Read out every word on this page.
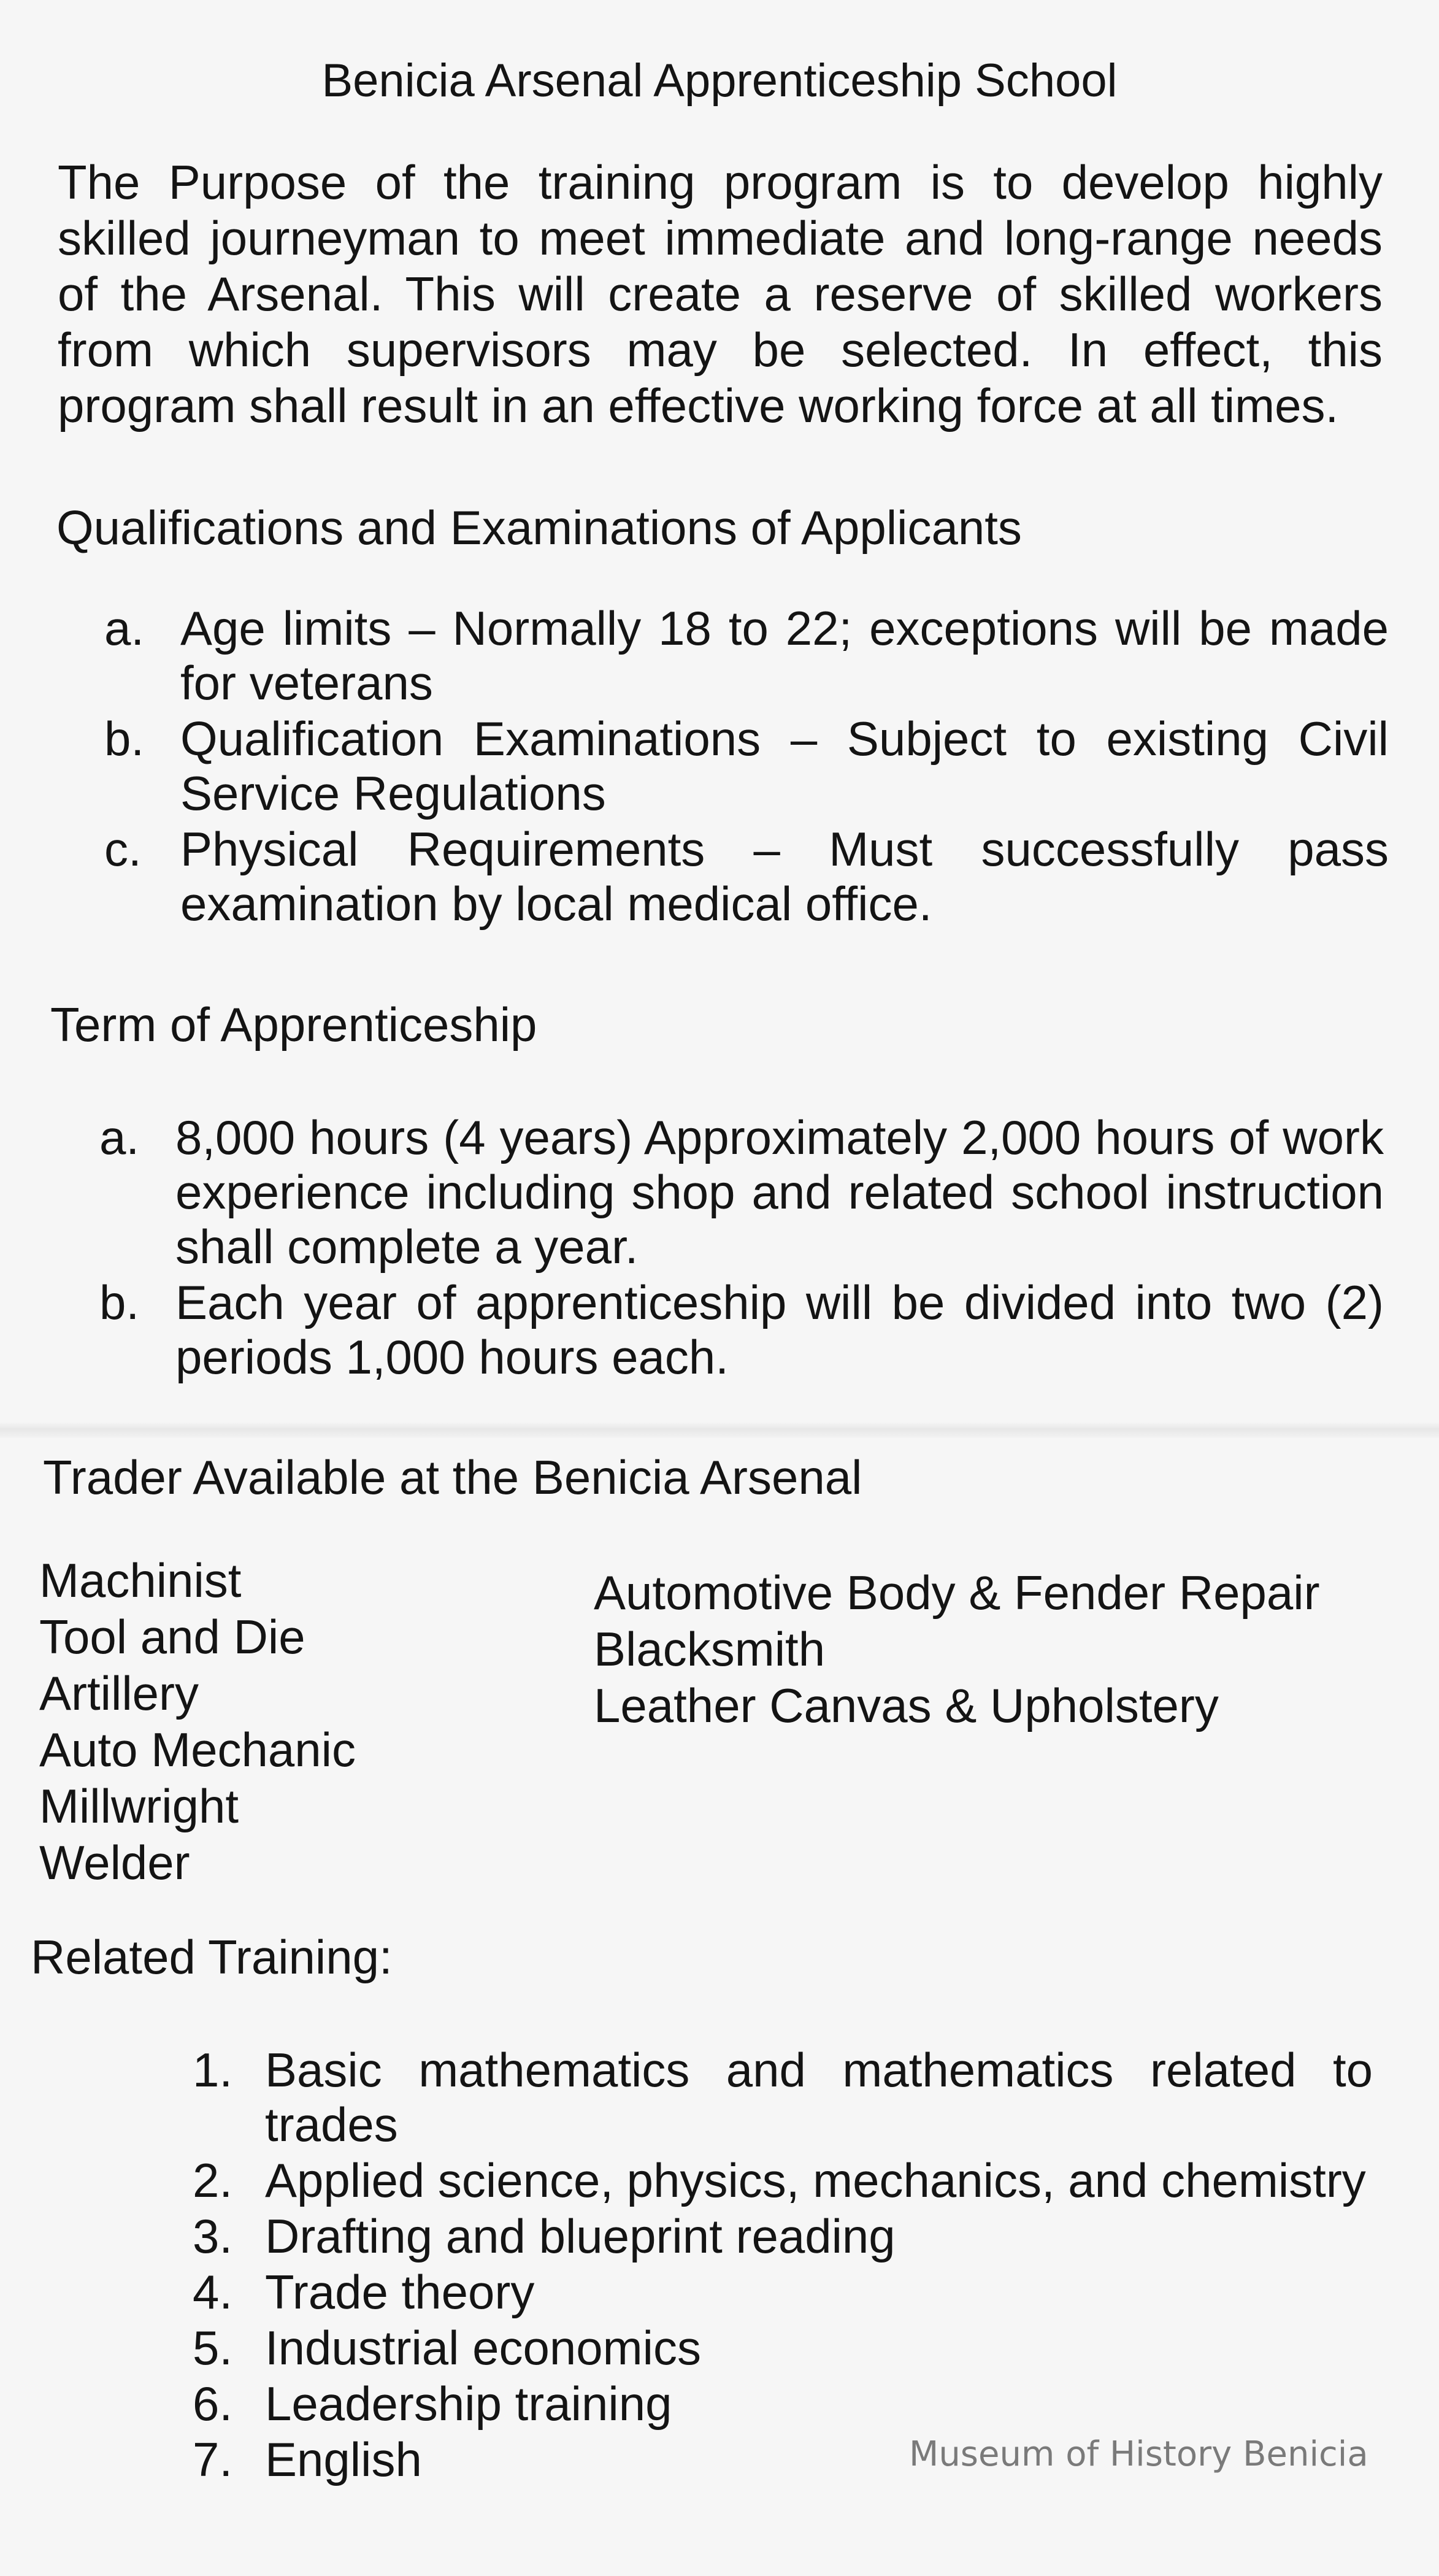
Benicia Arsenal Apprenticeship School
The Purpose of the training program is to develop highly skilled journeyman to meet immediate and long-range needs of the Arsenal. This will create a reserve of skilled workers from which supervisors may be selected. In effect, this program shall result in an effective working force at all times.
Qualifications and Examinations of Applicants
a. Age limits – Normally 18 to 22; exceptions will be made for veterans
b. Qualification Examinations – Subject to existing Civil Service Regulations
c. Physical Requirements – Must successfully pass examination by local medical office.
Term of Apprenticeship
a. 8,000 hours (4 years) Approximately 2,000 hours of work experience including shop and related school instruction shall complete a year.
b. Each year of apprenticeship will be divided into two (2) periods 1,000 hours each.
Trader Available at the Benicia Arsenal
Machinist
Tool and Die
Artillery
Auto Mechanic
Millwright
Welder
Automotive Body & Fender Repair
Blacksmith
Leather Canvas & Upholstery
Related Training:
1. Basic mathematics and mathematics related to trades
2. Applied science, physics, mechanics, and chemistry
3. Drafting and blueprint reading
4. Trade theory
5. Industrial economics
6. Leadership training
7. English	Museum of History Benicia
